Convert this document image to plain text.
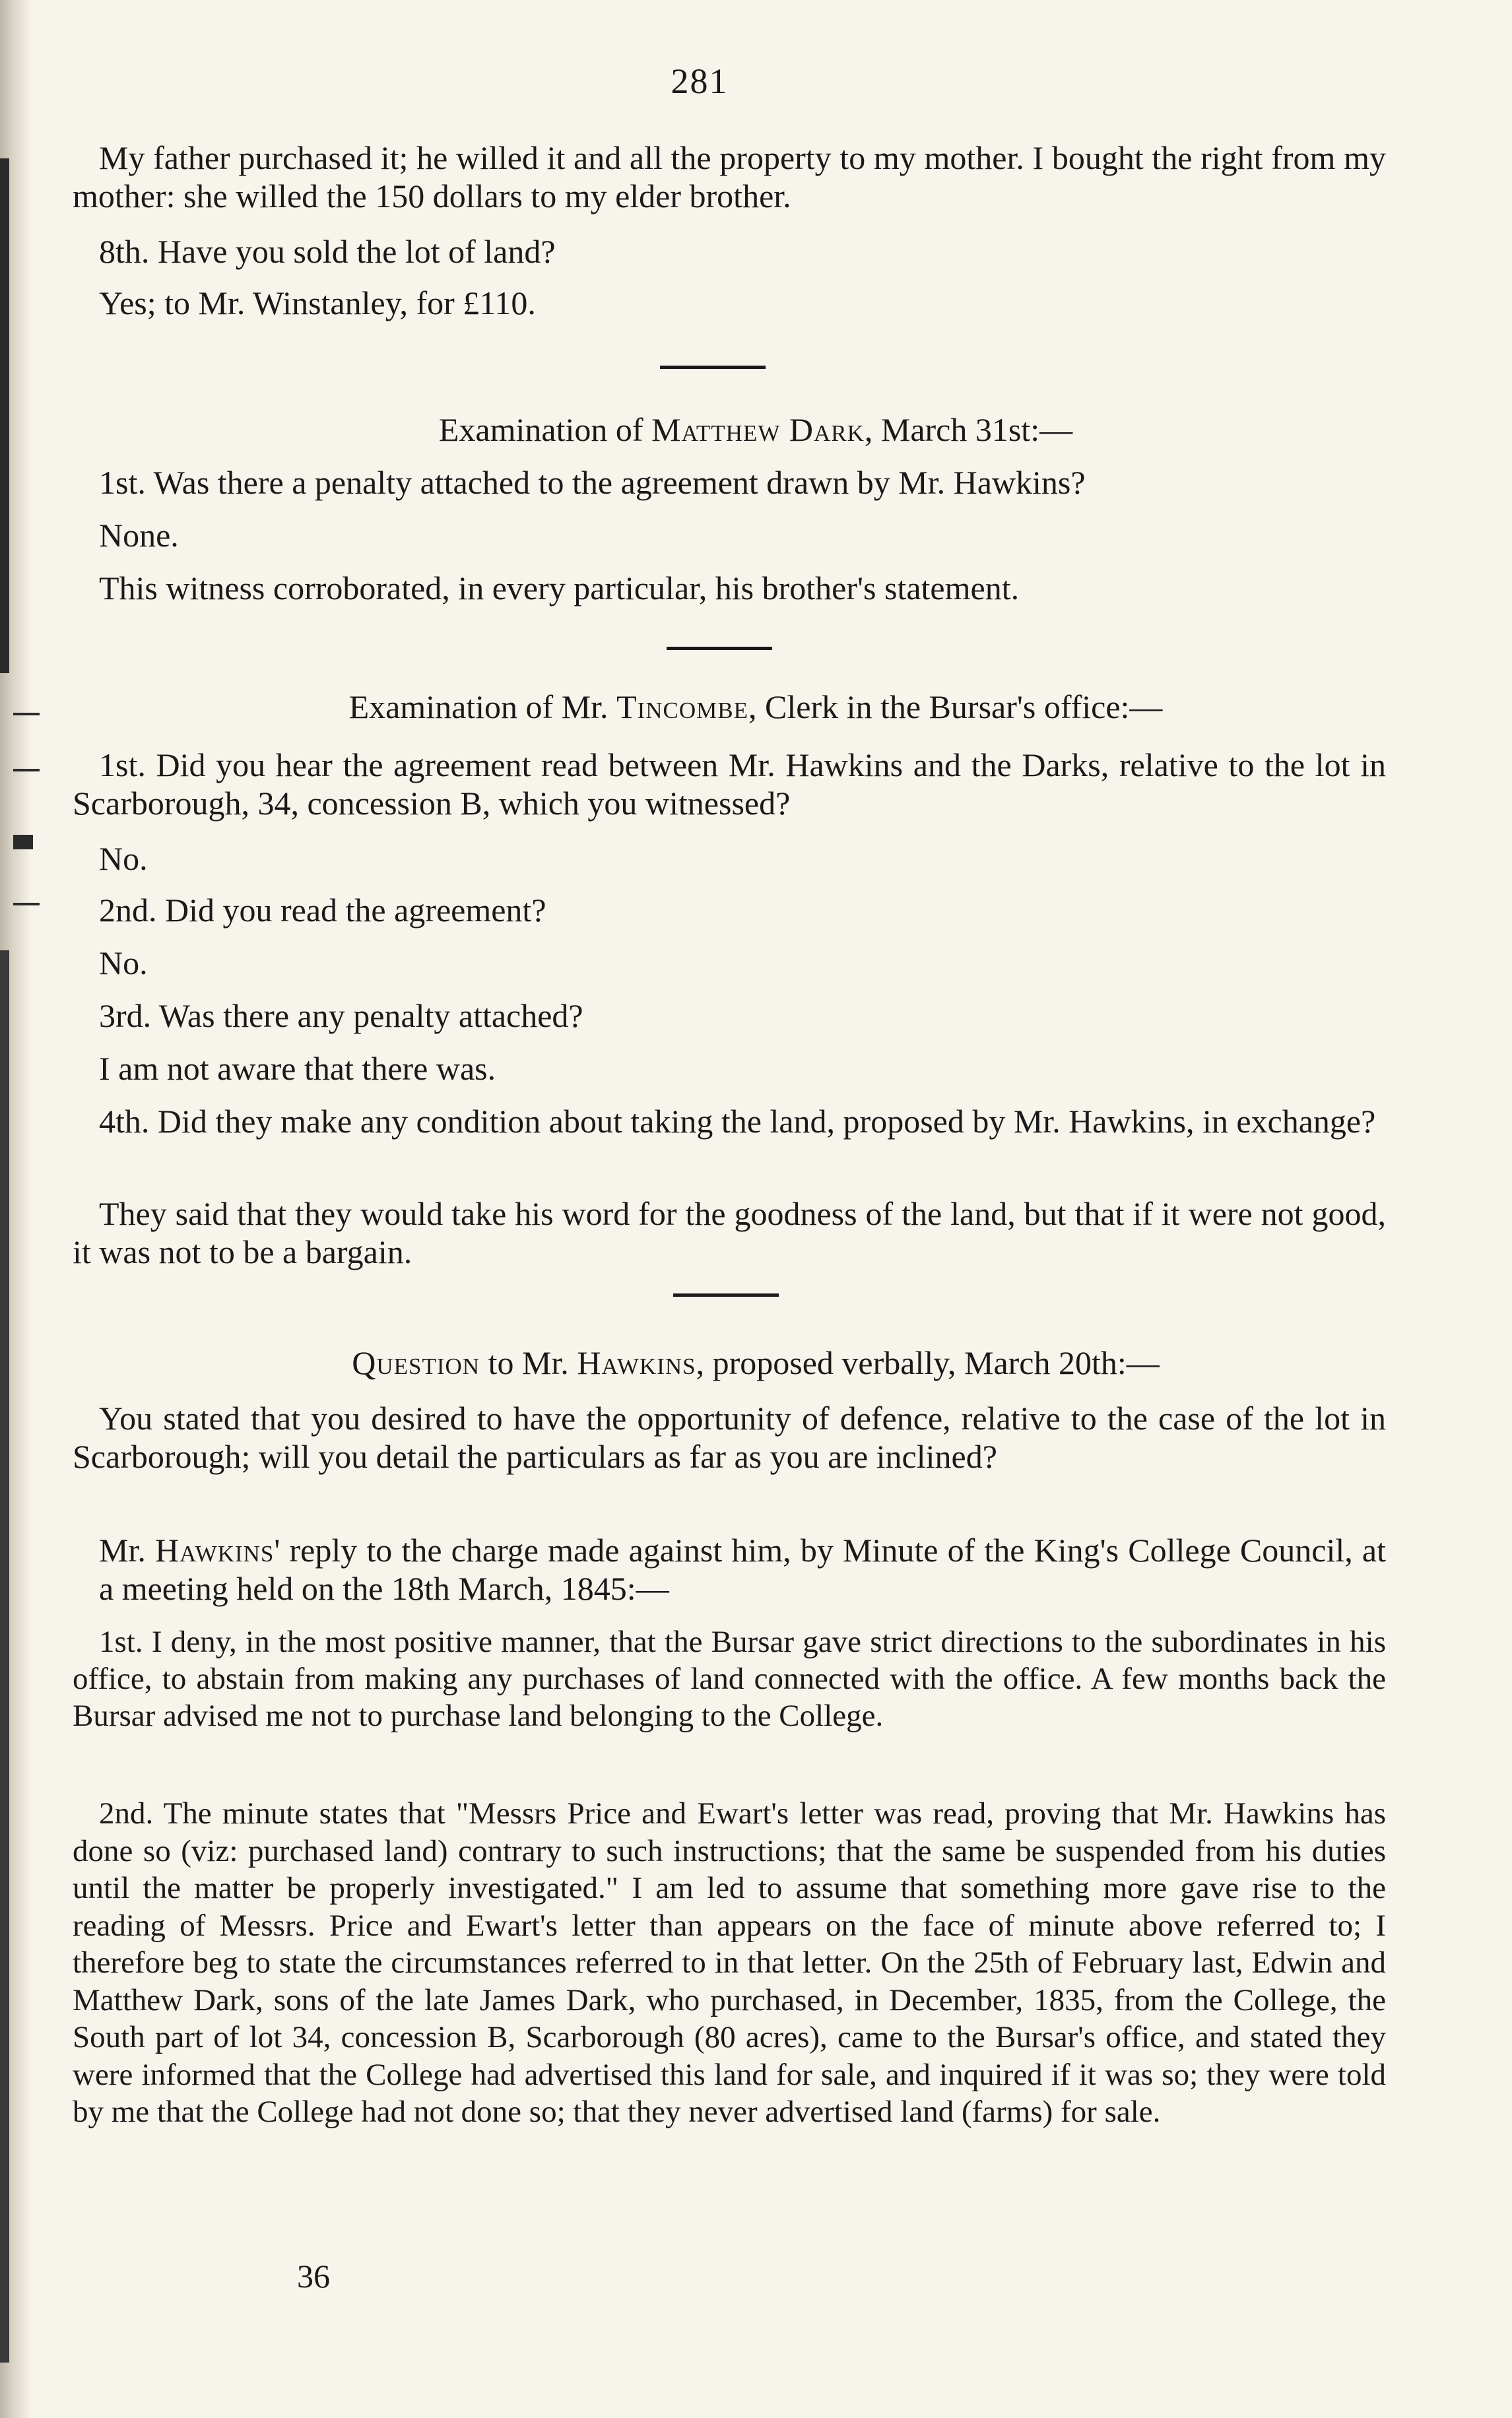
281
My father purchased it; he willed it and all the property to my mother. I bought the right from my mother: she willed the 150 dollars to my elder brother.
8th. Have you sold the lot of land?
Yes; to Mr. Winstanley, for £110.
Examination of Matthew Dark, March 31st:—
1st. Was there a penalty attached to the agreement drawn by Mr. Hawkins?
None.
This witness corroborated, in every particular, his brother's statement.
Examination of Mr. Tincombe, Clerk in the Bursar's office:—
1st. Did you hear the agreement read between Mr. Hawkins and the Darks, relative to the lot in Scarborough, 34, concession B, which you witnessed?
No.
2nd. Did you read the agreement?
No.
3rd. Was there any penalty attached?
I am not aware that there was.
4th. Did they make any condition about taking the land, proposed by Mr. Hawkins, in exchange?
They said that they would take his word for the goodness of the land, but that if it were not good, it was not to be a bargain.
Question to Mr. Hawkins, proposed verbally, March 20th:—
You stated that you desired to have the opportunity of defence, relative to the case of the lot in Scarborough; will you detail the particulars as far as you are inclined?
Mr. Hawkins' reply to the charge made against him, by Minute of the King's College Council, at a meeting held on the 18th March, 1845:—
1st. I deny, in the most positive manner, that the Bursar gave strict directions to the subordinates in his office, to abstain from making any purchases of land connected with the office. A few months back the Bursar advised me not to purchase land belonging to the College.
2nd. The minute states that "Messrs Price and Ewart's letter was read, proving that Mr. Hawkins has done so (viz: purchased land) contrary to such instructions; that the same be suspended from his duties until the matter be properly investigated." I am led to assume that something more gave rise to the reading of Messrs. Price and Ewart's letter than appears on the face of minute above referred to; I therefore beg to state the circumstances referred to in that letter. On the 25th of February last, Edwin and Matthew Dark, sons of the late James Dark, who purchased, in December, 1835, from the College, the South part of lot 34, concession B, Scarborough (80 acres), came to the Bursar's office, and stated they were informed that the College had advertised this land for sale, and inquired if it was so; they were told by me that the College had not done so; that they never advertised land (farms) for sale.
36
